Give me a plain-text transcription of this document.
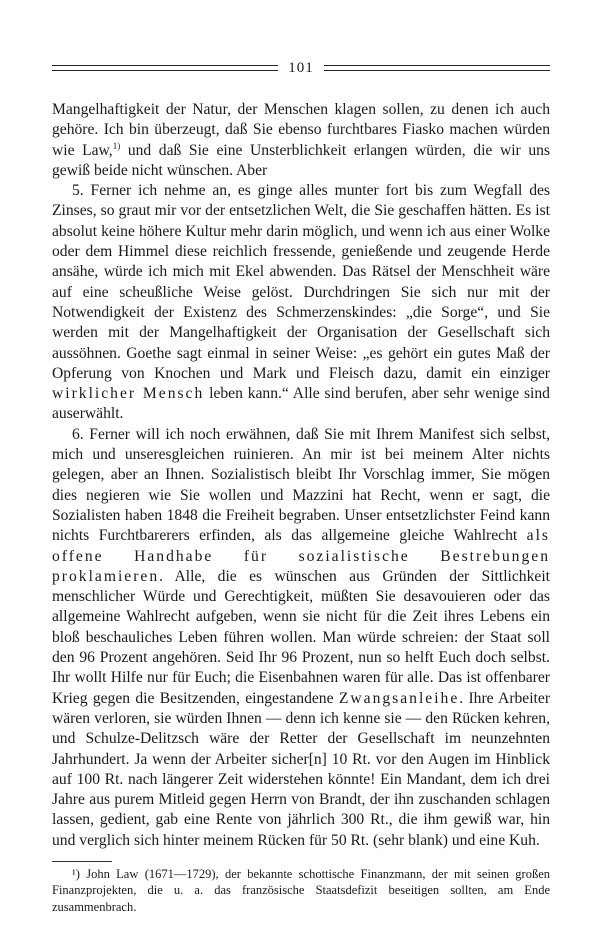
101

Mangelhaftigkeit der Natur, der Menschen klagen sollen, zu denen ich auch gehöre. Ich bin überzeugt, daß Sie ebenso furchtbares Fiasko machen würden wie Law,$^{1)}$ und daß Sie eine Unsterblichkeit erlangen würden, die wir uns gewiß beide nicht wünschen. Aber

5. Ferner ich nehme an, es ginge alles munter fort bis zum Wegfall des Zinses, so graut mir vor der entsetzlichen Welt, die Sie geschaffen hätten. Es ist absolut keine höhere Kultur mehr darin möglich, und wenn ich aus einer Wolke oder dem Himmel diese reichlich fressende, genießende und zeugende Herde ansähe, würde ich mich mit Ekel abwenden. Das Rätsel der Menschheit wäre auf eine scheußliche Weise gelöst. Durchdringen Sie sich nur mit der Notwendigkeit der Existenz des Schmerzenskindes: „die Sorge“, und Sie werden mit der Mangelhaftigkeit der Organisation der Gesellschaft sich aussöhnen. Goethe sagt einmal in seiner Weise: „es gehört ein gutes Maß der Opferung von Knochen und Mark und Fleisch dazu, damit ein einziger wirklicher Mensch leben kann.“ Alle sind berufen, aber sehr wenige sind auserwählt.

6. Ferner will ich noch erwähnen, daß Sie mit Ihrem Manifest sich selbst, mich und unseresgleichen ruinieren. An mir ist bei meinem Alter nichts gelegen, aber an Ihnen. Sozialistisch bleibt Ihr Vorschlag immer, Sie mögen dies negieren wie Sie wollen und Mazzini hat Recht, wenn er sagt, die Sozialisten haben 1848 die Freiheit begraben. Unser entsetzlichster Feind kann nichts Furchtbarerers erfinden, als das allgemeine gleiche Wahlrecht als offene Handhabe für sozialistische Bestrebungen proklamieren. Alle, die es wünschen aus Gründen der Sittlichkeit menschlicher Würde und Gerechtigkeit, müßten Sie desavouieren oder das allgemeine Wahlrecht aufgeben, wenn sie nicht für die Zeit ihres Lebens ein bloß beschauliches Leben führen wollen. Man würde schreien: der Staat soll den 96 Prozent angehören. Seid Ihr 96 Prozent, nun so helft Euch doch selbst. Ihr wollt Hilfe nur für Euch; die Eisenbahnen waren für alle. Das ist offenbarer Krieg gegen die Besitzenden, eingestandene Zwangsanleihe. Ihre Arbeiter wären verloren, sie würden Ihnen — denn ich kenne sie — den Rücken kehren, und Schulze-Delitzsch wäre der Retter der Gesellschaft im neunzehnten Jahrhundert. Ja wenn der Arbeiter sicher[n] 10 Rt. vor den Augen im Hinblick auf 100 Rt. nach längerer Zeit widerstehen könnte! Ein Mandant, dem ich drei Jahre aus purem Mitleid gegen Herrn von Brandt, der ihn zuschanden schlagen lassen, gedient, gab eine Rente von jährlich 300 Rt., die ihm gewiß war, hin und verglich sich hinter meinem Rücken für 50 Rt. (sehr blank) und eine Kuh.

¹) John Law (1671—1729), der bekannte schottische Finanzmann, der mit seinen großen Finanzprojekten, die u. a. das französische Staatsdefizit beseitigen sollten, am Ende zusammenbrach.
